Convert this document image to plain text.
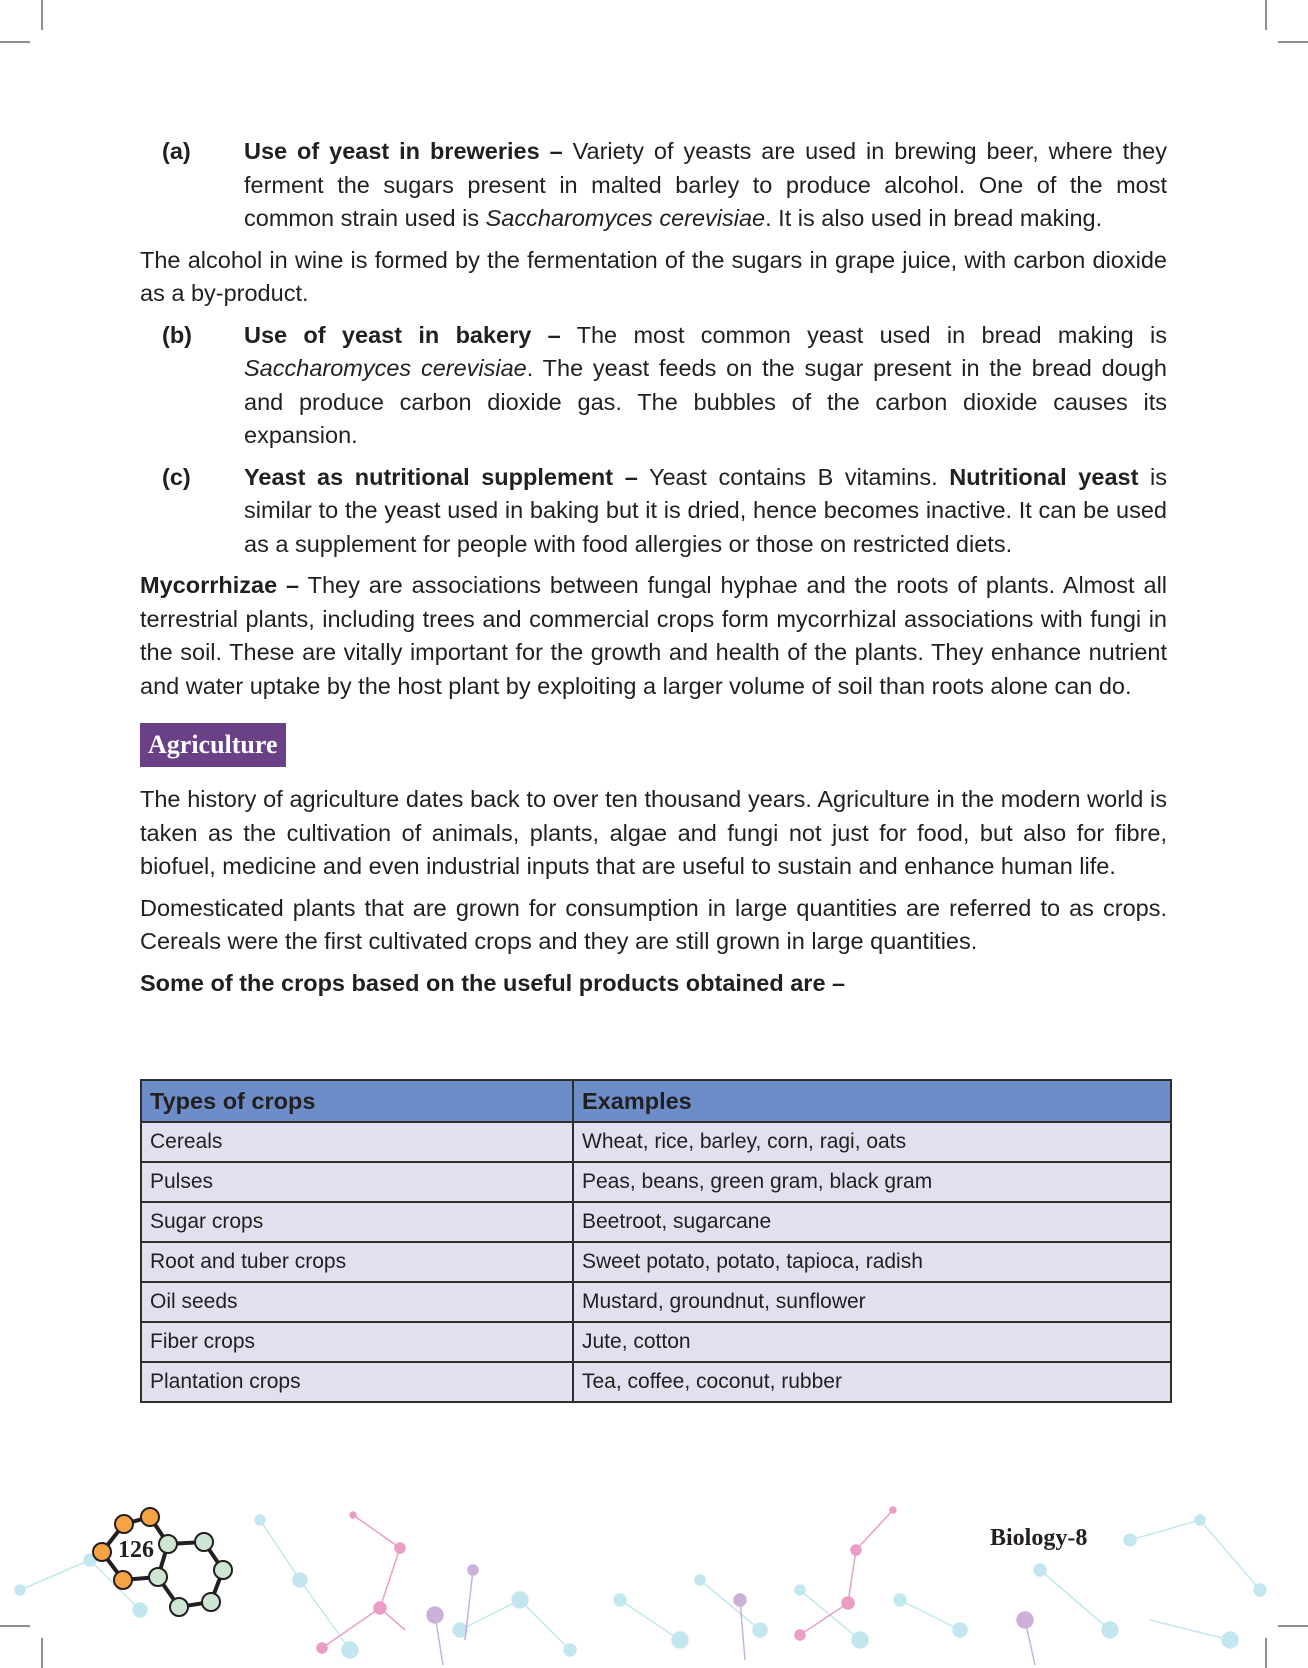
126	Biology-8
(a) Use of yeast in breweries – Variety of yeasts are used in brewing beer, where they ferment the sugars present in malted barley to produce alcohol. One of the most common strain used is Saccharomyces cerevisiae. It is also used in bread making.

The alcohol in wine is formed by the fermentation of the sugars in grape juice, with carbon dioxide as a by-product.

(b) Use of yeast in bakery – The most common yeast used in bread making is Saccharomyces cerevisiae. The yeast feeds on the sugar present in the bread dough and produce carbon dioxide gas. The bubbles of the carbon dioxide causes its expansion.
(c) Yeast as nutritional supplement – Yeast contains B vitamins. Nutritional yeast is similar to the yeast used in baking but it is dried, hence becomes inactive. It can be used as a supplement for people with food allergies or those on restricted diets.

Mycorrhizae – They are associations between fungal hyphae and the roots of plants. Almost all terrestrial plants, including trees and commercial crops form mycorrhizal associations with fungi in the soil. These are vitally important for the growth and health of the plants. They enhance nutrient and water uptake by the host plant by exploiting a larger volume of soil than roots alone can do.

Agriculture

The history of agriculture dates back to over ten thousand years. Agriculture in the modern world is taken as the cultivation of animals, plants, algae and fungi not just for food, but also for fibre, biofuel, medicine and even industrial inputs that are useful to sustain and enhance human life.

Domesticated plants that are grown for consumption in large quantities are referred to as crops. Cereals were the first cultivated crops and they are still grown in large quantities.

Some of the crops based on the useful products obtained are –

Types of crops	Examples
Cereals	Wheat, rice, barley, corn, ragi, oats
Pulses	Peas, beans, green gram, black gram
Sugar crops	Beetroot, sugarcane
Root and tuber crops	Sweet potato, potato, tapioca, radish
Oil seeds	Mustard, groundnut, sunflower
Fiber crops	Jute, cotton
Plantation crops	Tea, coffee, coconut, rubber
